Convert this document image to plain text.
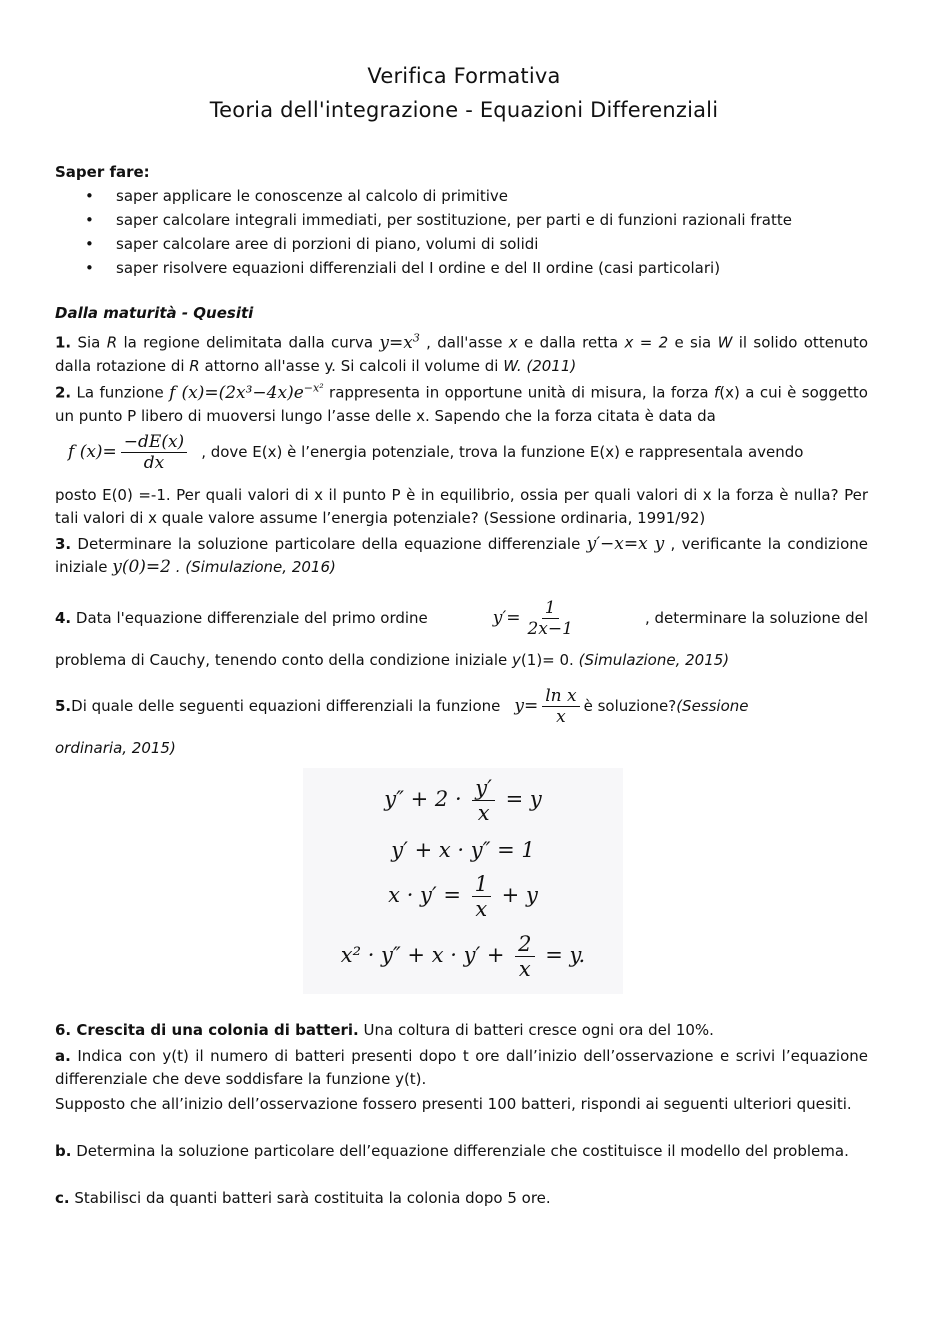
Verifica Formativa
Teoria dell'integrazione - Equazioni Differenziali
Saper fare:
• saper applicare le conoscenze al calcolo di primitive
• saper calcolare integrali immediati, per sostituzione, per parti e di funzioni razionali fratte
• saper calcolare aree di porzioni di piano, volumi di solidi
• saper risolvere equazioni differenziali del I ordine e del II ordine (casi particolari)
Dalla maturità - Quesiti
1. Sia R la regione delimitata dalla curva $y=x^3$ , dall'asse x e dalla retta x = 2 e sia W il solido ottenuto dalla rotazione di R attorno all'asse y. Si calcoli il volume di W. (2011)
2. La funzione f $(x)=(2x^3-4x)e^{-x^2}$ rappresenta in opportune unità di misura, la forza f(x) a cui è soggetto un punto P libero di muoversi lungo l’asse delle x. Sapendo che la forza citata è data da
f $(x)= \frac{-dE(x)}{dx}$ , dove E(x) è l’energia potenziale, trova la funzione E(x) e rappresentala avendo
posto E(0) =-1. Per quali valori di x il punto P è in equilibrio, ossia per quali valori di x la forza è nulla? Per tali valori di x quale valore assume l’energia potenziale? (Sessione ordinaria, 1991/92)
3. Determinare la soluzione particolare della equazione differenziale y′−x=x y , verificante la condizione iniziale y(0)=2 . (Simulazione, 2016)
4. Data l'equazione differenziale del primo ordine	$y'= \frac{1}{2x-1}$	, determinare la soluzione del
problema di Cauchy, tenendo conto della condizione iniziale y(1)= 0. (Simulazione, 2015)
5. Di quale delle seguenti equazioni differenziali la funzione $y= \frac{\text{ln x}}{x}$ è soluzione? (Sessione
ordinaria, 2015)
$y'' + 2 \cdot \frac{y'}{x} = y$
y′ + x · y″ = 1
$x \cdot y' = \frac{1}{x} + y$
$x^2 \cdot y'' + x \cdot y' + \frac{2}{x} = y$.
6. Crescita di una colonia di batteri. Una coltura di batteri cresce ogni ora del 10%.
a. Indica con y(t) il numero di batteri presenti dopo t ore dall’inizio dell’osservazione e scrivi l’equazione differenziale che deve soddisfare la funzione y(t).
Supposto che all’inizio dell’osservazione fossero presenti 100 batteri, rispondi ai seguenti ulteriori quesiti.
b. Determina la soluzione particolare dell’equazione differenziale che costituisce il modello del problema.
c. Stabilisci da quanti batteri sarà costituita la colonia dopo 5 ore.
